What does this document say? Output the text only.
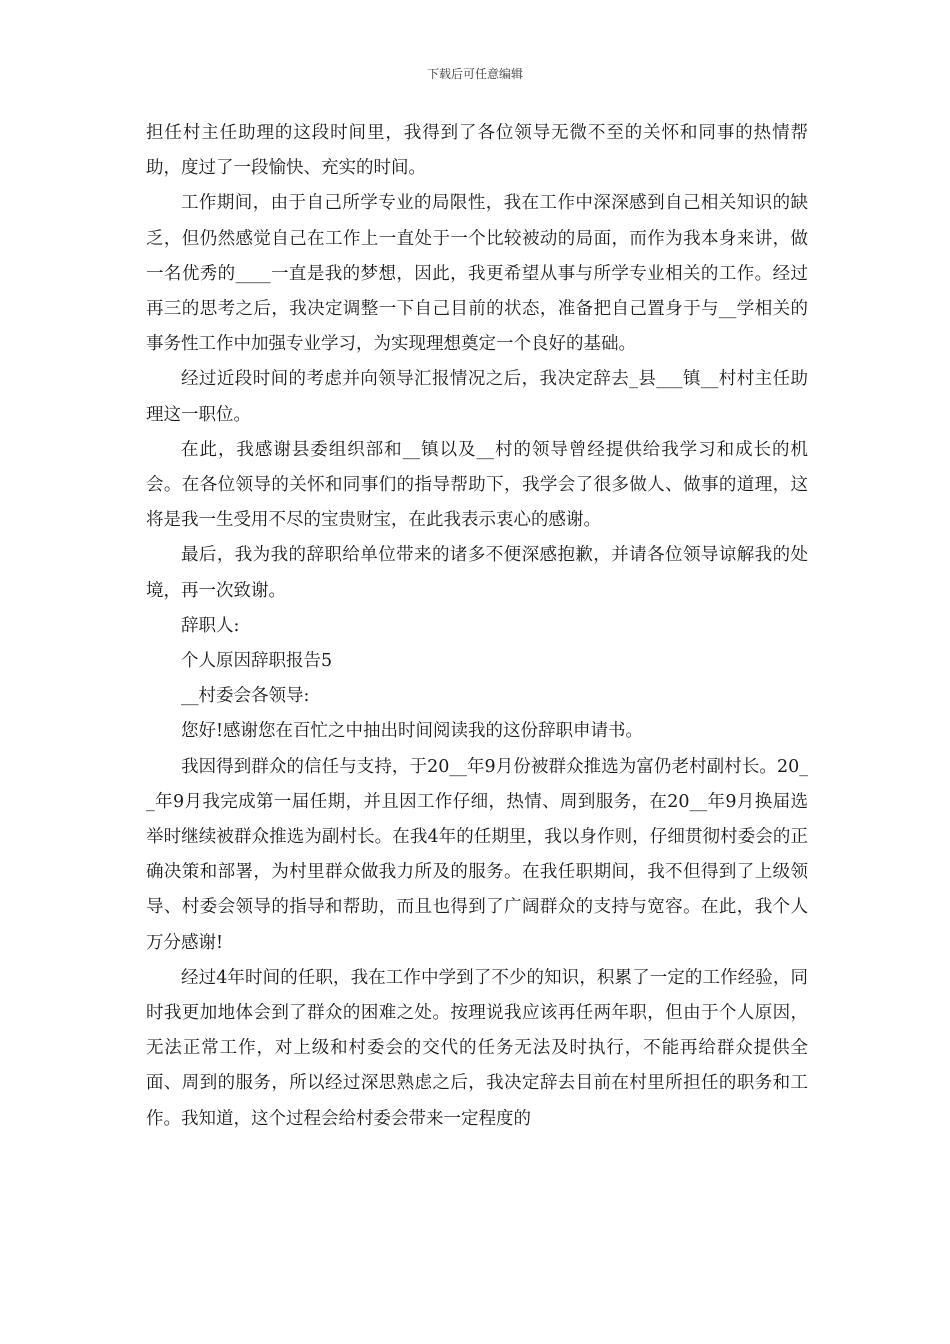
下载后可任意编辑

担任村主任助理的这段时间里，我得到了各位领导无微不至的关怀和同事的热情帮助，度过了一段愉快、充实的时间。

工作期间，由于自己所学专业的局限性，我在工作中深深感到自己相关知识的缺乏，但仍然感觉自己在工作上一直处于一个比较被动的局面，而作为我本身来讲，做一名优秀的____一直是我的梦想，因此，我更希望从事与所学专业相关的工作。经过再三的思考之后，我决定调整一下自己目前的状态，准备把自己置身于与__学相关的事务性工作中加强专业学习，为实现理想奠定一个良好的基础。

经过近段时间的考虑并向领导汇报情况之后，我决定辞去_县___镇__村村主任助理这一职位。

在此，我感谢县委组织部和__镇以及__村的领导曾经提供给我学习和成长的机会。在各位领导的关怀和同事们的指导帮助下，我学会了很多做人、做事的道理，这将是我一生受用不尽的宝贵财宝，在此我表示衷心的感谢。

最后，我为我的辞职给单位带来的诸多不便深感抱歉，并请各位领导谅解我的处境，再一次致谢。

辞职人:

个人原因辞职报告5

__村委会各领导:

您好!感谢您在百忙之中抽出时间阅读我的这份辞职申请书。

我因得到群众的信任与支持，于20__年9月份被群众推选为富仍老村副村长。20__年9月我完成第一届任期，并且因工作仔细，热情、周到服务，在20__年9月换届选举时继续被群众推选为副村长。在我4年的任期里，我以身作则，仔细贯彻村委会的正确决策和部署，为村里群众做我力所及的服务。在我任职期间，我不但得到了上级领导、村委会领导的指导和帮助，而且也得到了广阔群众的支持与宽容。在此，我个人万分感谢!

经过4年时间的任职，我在工作中学到了不少的知识，积累了一定的工作经验，同时我更加地体会到了群众的困难之处。按理说我应该再任两年职，但由于个人原因，无法正常工作，对上级和村委会的交代的任务无法及时执行，不能再给群众提供全面、周到的服务，所以经过深思熟虑之后，我决定辞去目前在村里所担任的职务和工作。我知道，这个过程会给村委会带来一定程度的
